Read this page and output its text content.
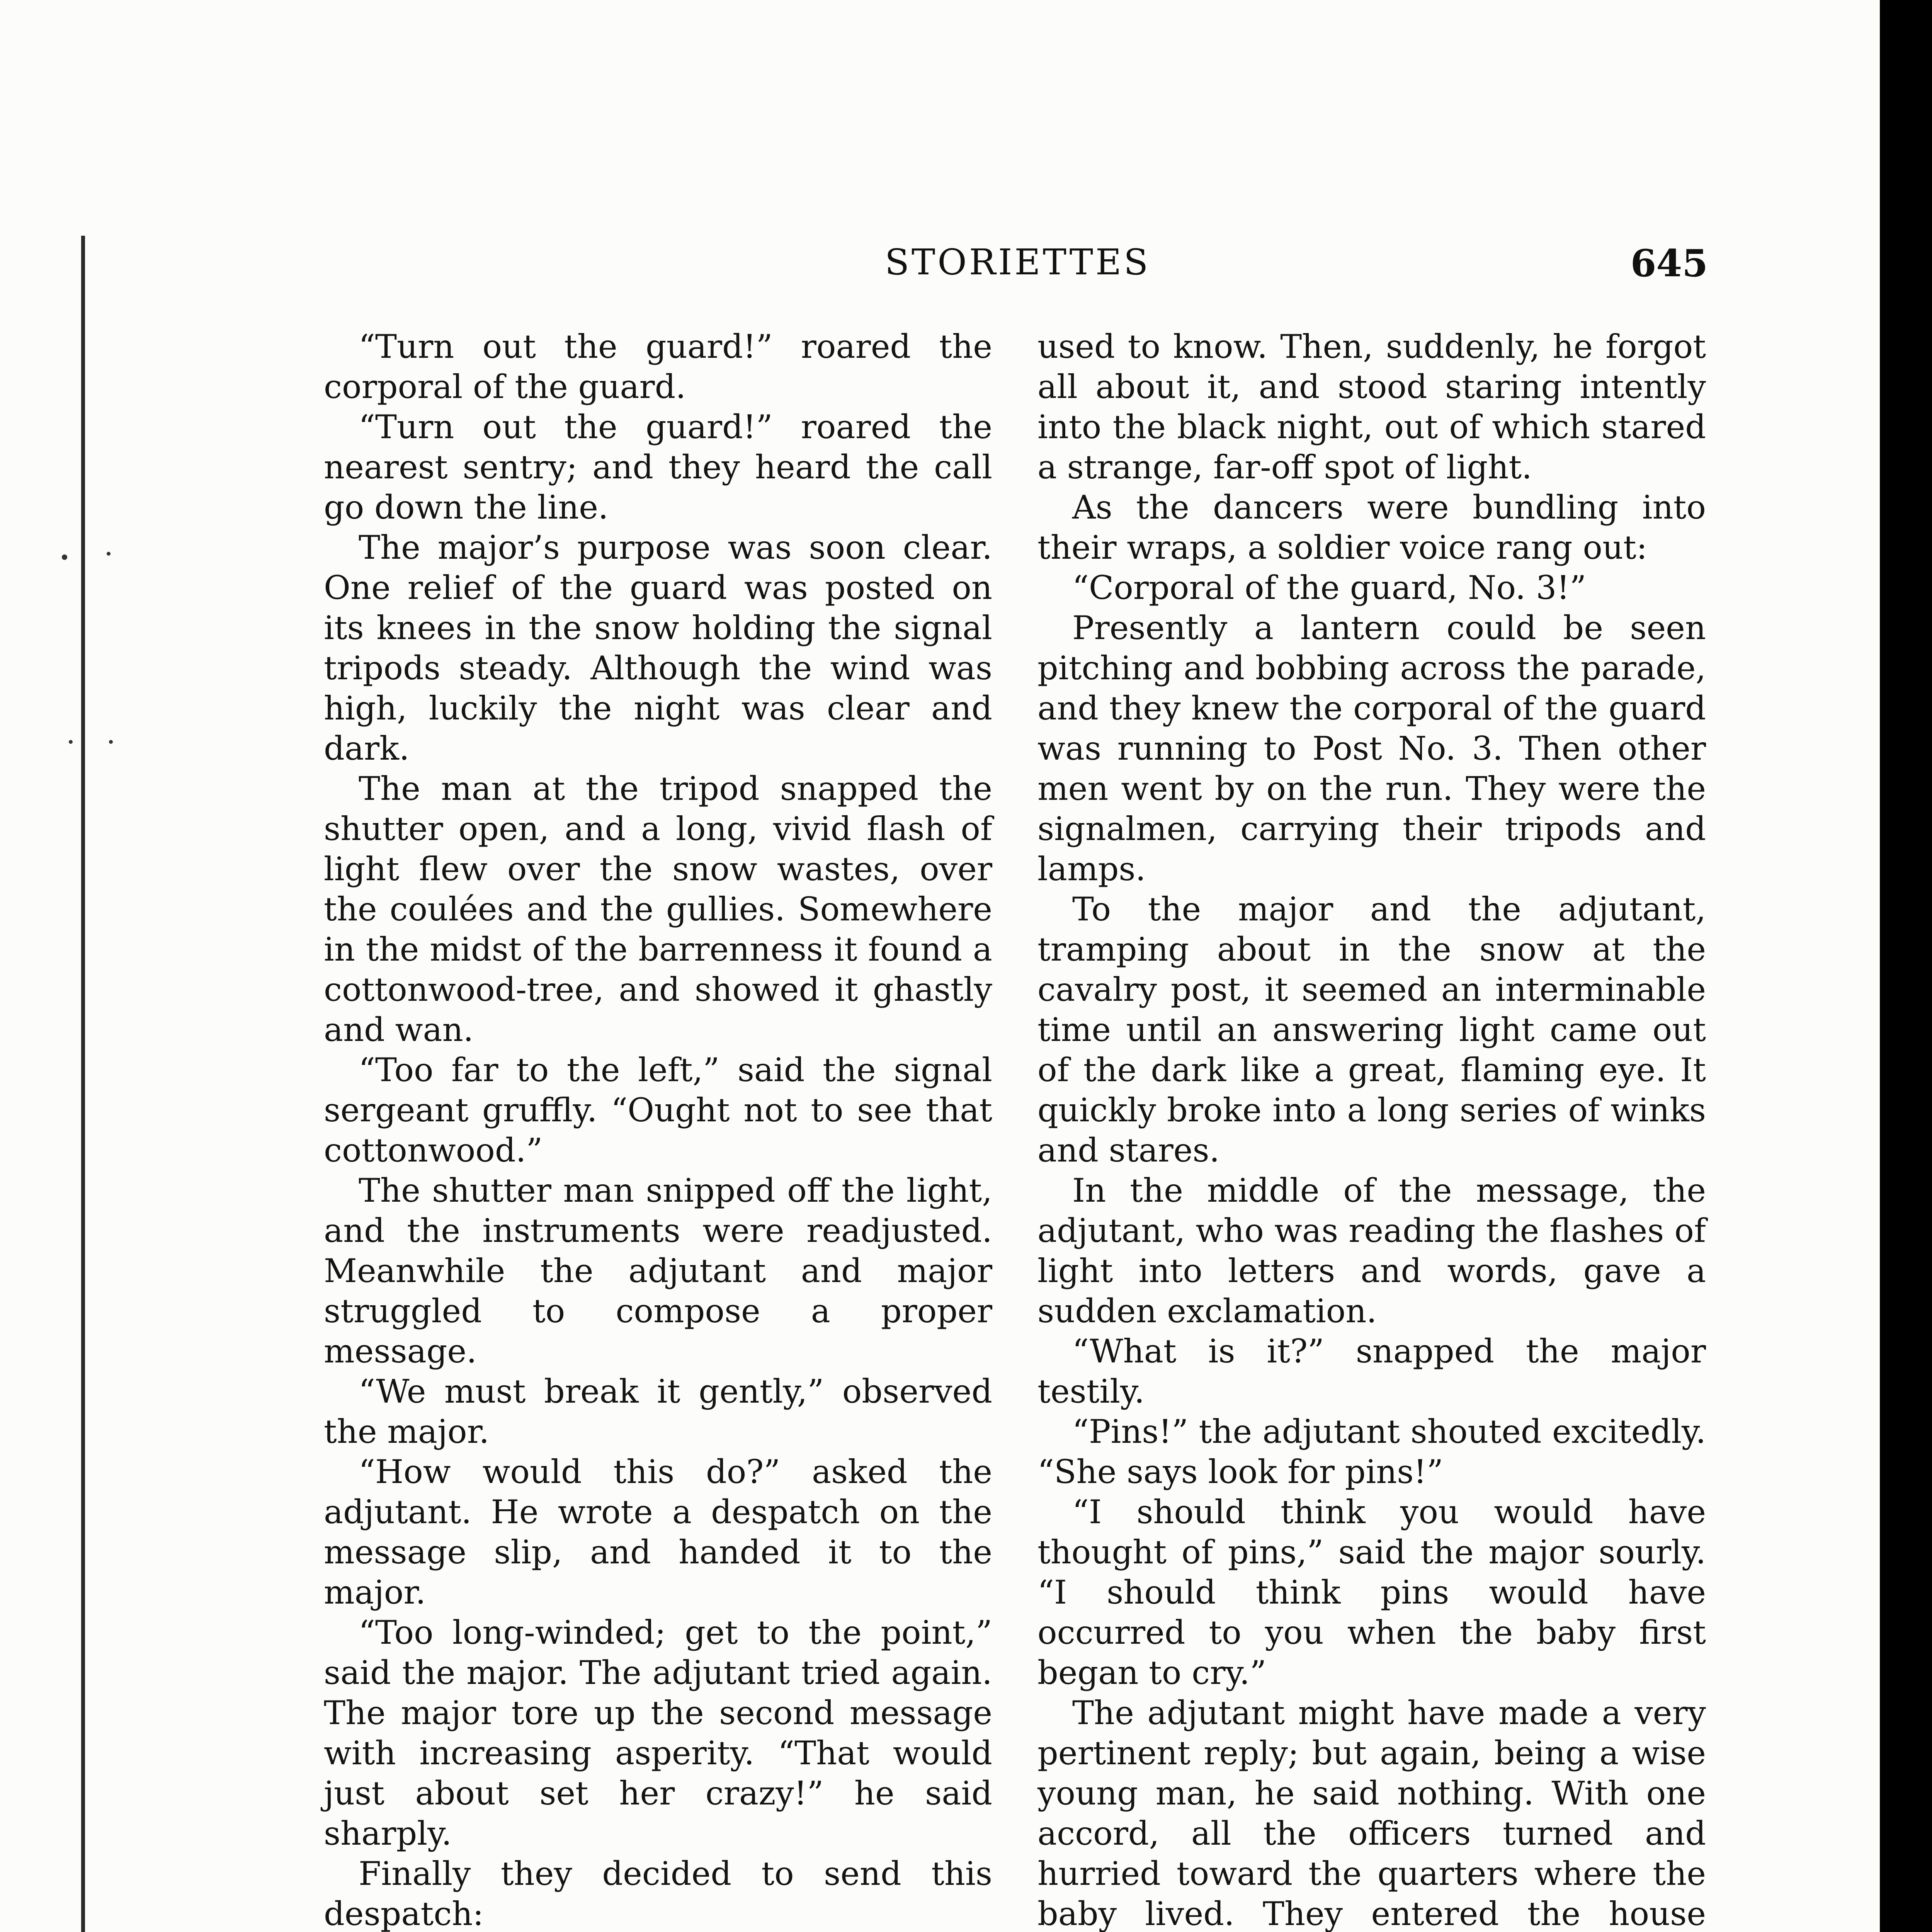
STORIETTES	645

“Turn out the guard!” roared the corporal of the guard.

“Turn out the guard!” roared the nearest sentry; and they heard the call go down the line.

The major’s purpose was soon clear. One relief of the guard was posted on its knees in the snow holding the signal tripods steady. Although the wind was high, luckily the night was clear and dark.

The man at the tripod snapped the shutter open, and a long, vivid flash of light flew over the snow wastes, over the coulées and the gullies. Somewhere in the midst of the barrenness it found a cottonwood-tree, and showed it ghastly and wan.

“Too far to the left,” said the signal sergeant gruffly. “Ought not to see that cottonwood.”

The shutter man snipped off the light, and the instruments were readjusted. Meanwhile the adjutant and major struggled to compose a proper message.

“We must break it gently,” observed the major.

“How would this do?” asked the adjutant. He wrote a despatch on the message slip, and handed it to the major.

“Too long-winded; get to the point,” said the major. The adjutant tried again. The major tore up the second message with increasing asperity. “That would just about set her crazy!” he said sharply.

Finally they decided to send this despatch:

used to know. Then, suddenly, he forgot all about it, and stood staring intently into the black night, out of which stared a strange, far-off spot of light.

As the dancers were bundling into their wraps, a soldier voice rang out:

“Corporal of the guard, No. 3!”

Presently a lantern could be seen pitching and bobbing across the parade, and they knew the corporal of the guard was running to Post No. 3. Then other men went by on the run. They were the signalmen, carrying their tripods and lamps.

To the major and the adjutant, tramping about in the snow at the cavalry post, it seemed an interminable time until an answering light came out of the dark like a great, flaming eye. It quickly broke into a long series of winks and stares.

In the middle of the message, the adjutant, who was reading the flashes of light into letters and words, gave a sudden exclamation.

“What is it?” snapped the major testily.

“Pins!” the adjutant shouted excitedly. “She says look for pins!”

“I should think you would have thought of pins,” said the major sourly. “I should think pins would have occurred to you when the baby first began to cry.”

The adjutant might have made a very pertinent reply; but again, being a wise young man, he said nothing. With one accord, all the officers turned and hurried toward the quarters where the baby lived. They entered the house
